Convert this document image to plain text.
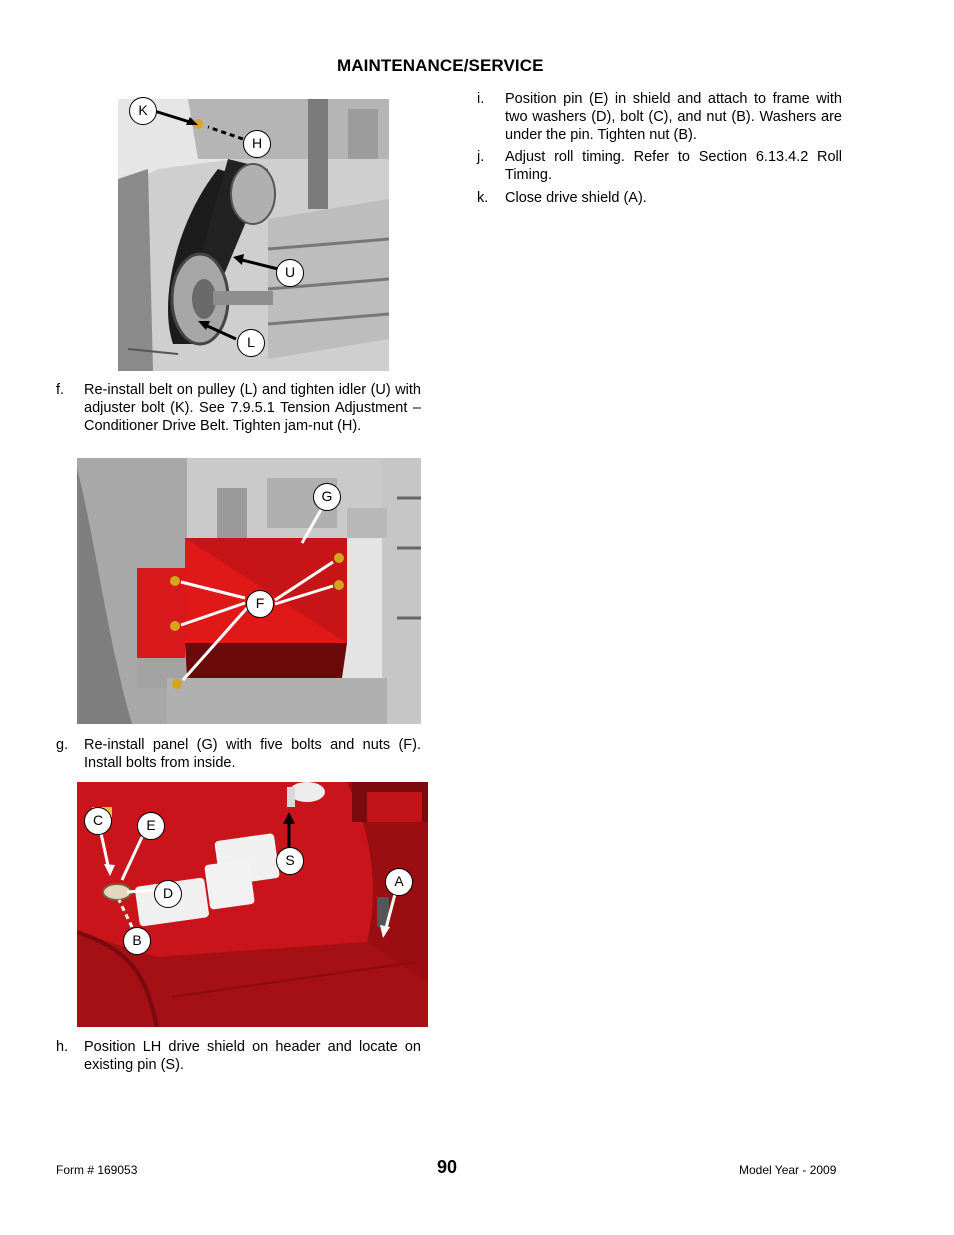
MAINTENANCE/SERVICE
K
H
U
L
f. Re-install belt on pulley (L) and tighten idler (U) with adjuster bolt (K). See 7.9.5.1 Tension Adjustment – Conditioner Drive Belt. Tighten jam-nut (H).
G
F
g. Re-install panel (G) with five bolts and nuts (F). Install bolts from inside.
C	E
D
B
S
A
h. Position LH drive shield on header and locate on existing pin (S).
i. Position pin (E) in shield and attach to frame with two washers (D), bolt (C), and nut (B). Washers are under the pin. Tighten nut (B).
j. Adjust roll timing. Refer to Section 6.13.4.2 Roll Timing.
k. Close drive shield (A).
Form # 169053	90	Model Year - 2009
